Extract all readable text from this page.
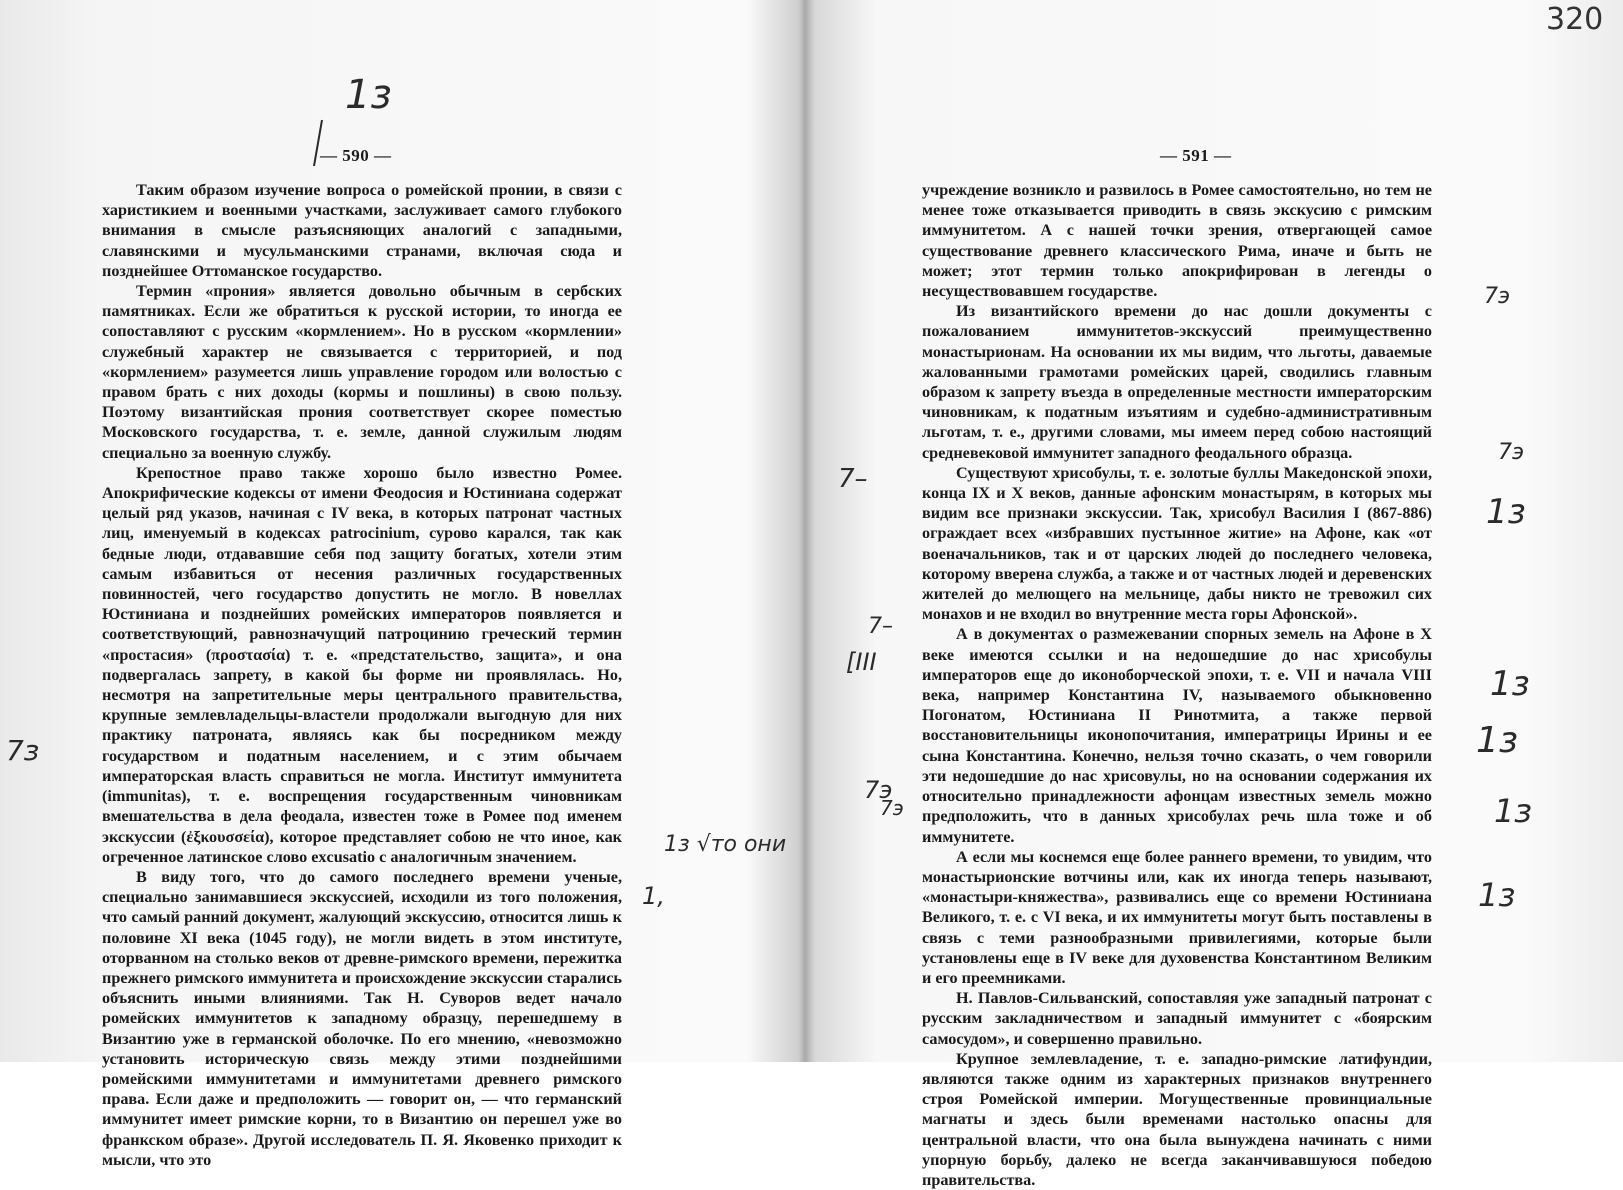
— 590 —

Таким образом изучение вопроса о ромейской пронии, в связи с харистикием и военными участками, заслуживает самого глубокого внимания в смысле разъясняющих аналогий с западными, славянскими и мусульманскими странами, включая сюда и позднейшее Оттоманское государство.

Термин «прония» является довольно обычным в сербских памятниках. Если же обратиться к русской истории, то иногда ее сопоставляют с русским «кормлением». Но в русском «кормлении» служебный характер не связывается с территорией, и под «кормлением» разумеется лишь управление городом или волостью с правом брать с них доходы (кормы и пошлины) в свою пользу. Поэтому византийская прония соответствует скорее поместью Московского государства, т. е. земле, данной служилым людям специально за военную службу.

Крепостное право также хорошо было известно Ромее. Апокрифические кодексы от имени Феодосия и Юстиниана содержат целый ряд указов, начиная с IV века, в которых патронат частных лиц, именуемый в кодексах patrocinium, сурово карался, так как бедные люди, отдававшие себя под защиту богатых, хотели этим самым избавиться от несения различных государственных повинностей, чего государство допустить не могло. В новеллах Юстиниана и позднейших ромейских императоров появляется и соответствующий, равнозначущий патроцинию греческий термин «простасия» (προστασία) т. е. «предстательство, защита», и она подвергалась запрету, в какой бы форме ни проявлялась. Но, несмотря на запретительные меры центрального правительства, крупные землевладельцы-властели продолжали выгодную для них практику патроната, являясь как бы посредником между государством и податным населением, и с этим обычаем императорская власть справиться не могла. Институт иммунитета (immunitas), т. е. воспрещения государственным чиновникам вмешательства в дела феодала, известен тоже в Ромее под именем экскуссии (ἐξκουσσεία), которое представляет собою не что иное, как огреченное латинское слово excusatio с аналогичным значением.

В виду того, что до самого последнего времени ученые, специально занимавшиеся экскуссией, исходили из того положения, что самый ранний документ, жалующий экскуссию, относится лишь к половине XI века (1045 году), не могли видеть в этом институте, оторванном на столько веков от древне-римского времени, пережитка прежнего римского иммунитета и происхождение экскуссии старались объяснить иными влияниями. Так Н. Суворов ведет начало ромейских иммунитетов к западному образцу, перешедшему в Византию уже в германской оболочке. По его мнению, «невозможно установить историческую связь между этими позднейшими ромейскими иммунитетами и иммунитетами древнего римского права. Если даже и предположить — говорит он, — что германский иммунитет имеет римские корни, то в Византию он перешел уже во франкском образе». Другой исследователь П. Я. Яковенко приходит к мысли, что это

— 591 —

учреждение возникло и развилось в Ромее самостоятельно, но тем не менее тоже отказывается приводить в связь экскусию с римским иммунитетом. А с нашей точки зрения, отвергающей самое существование древнего классического Рима, иначе и быть не может; этот термин только апокрифирован в легенды о несуществовавшем государстве.

Из византийского времени до нас дошли документы с пожалованием иммунитетов-экскуссий преимущественно монастырионам. На основании их мы видим, что льготы, даваемые жалованными грамотами ромейских царей, сводились главным образом к запрету въезда в определенные местности императорским чиновникам, к податным изъятиям и судебно-административным льготам, т. е., другими словами, мы имеем перед собою настоящий средневековой иммунитет западного феодального образца.

Существуют хрисобулы, т. е. золотые буллы Македонской эпохи, конца IX и X веков, данные афонским монастырям, в которых мы видим все признаки экскуссии. Так, хрисобул Василия I (867-886) ограждает всех «избравших пустынное житие» на Афоне, как «от военачальников, так и от царских людей до последнего человека, которому вверена служба, а также и от частных людей и деревенских жителей до мелющего на мельнице, дабы никто не тревожил сих монахов и не входил во внутренние места горы Афонской».

А в документах о размежевании спорных земель на Афоне в X веке имеются ссылки и на недошедшие до нас хрисобулы императоров еще до иконоборческой эпохи, т. е. VII и начала VIII века, например Константина IV, называемого обыкновенно Погонатом, Юстиниана II Ринотмита, а также первой восстановительницы иконопочитания, императрицы Ирины и ее сына Константина. Конечно, нельзя точно сказать, о чем говорили эти недошедшие до нас хрисовулы, но на основании содержания их относительно принадлежности афонцам известных земель можно предположить, что в данных хрисобулах речь шла тоже и об иммунитете.

А если мы коснемся еще более раннего времени, то увидим, что монастырионские вотчины или, как их иногда теперь называют, «монастыри-княжества», развивались еще со времени Юстиниана Великого, т. е. с VI века, и их иммунитеты могут быть поставлены в связь с теми разнообразными привилегиями, которые были установлены еще в IV веке для духовенства Константином Великим и его преемниками.

Н. Павлов-Сильванский, сопоставляя уже западный патронат с русским закладничеством и западный иммунитет с «боярским самосудом», и совершенно правильно.

Крупное землевладение, т. е. западно-римские латифундии, являются также одним из характерных признаков внутреннего строя Ромейской империи. Могущественные провинциальные магнаты и здесь были временами настолько опасны для центральной власти, что она была вынуждена начинать с ними упорную борьбу, далеко не всегда заканчивавшуюся победою правительства.

320
1з
7ɜ
7–
7–
[III
7э
7э
1з √то они
1,
7э
7э
1з
1з
1з
1ɜ
1з
